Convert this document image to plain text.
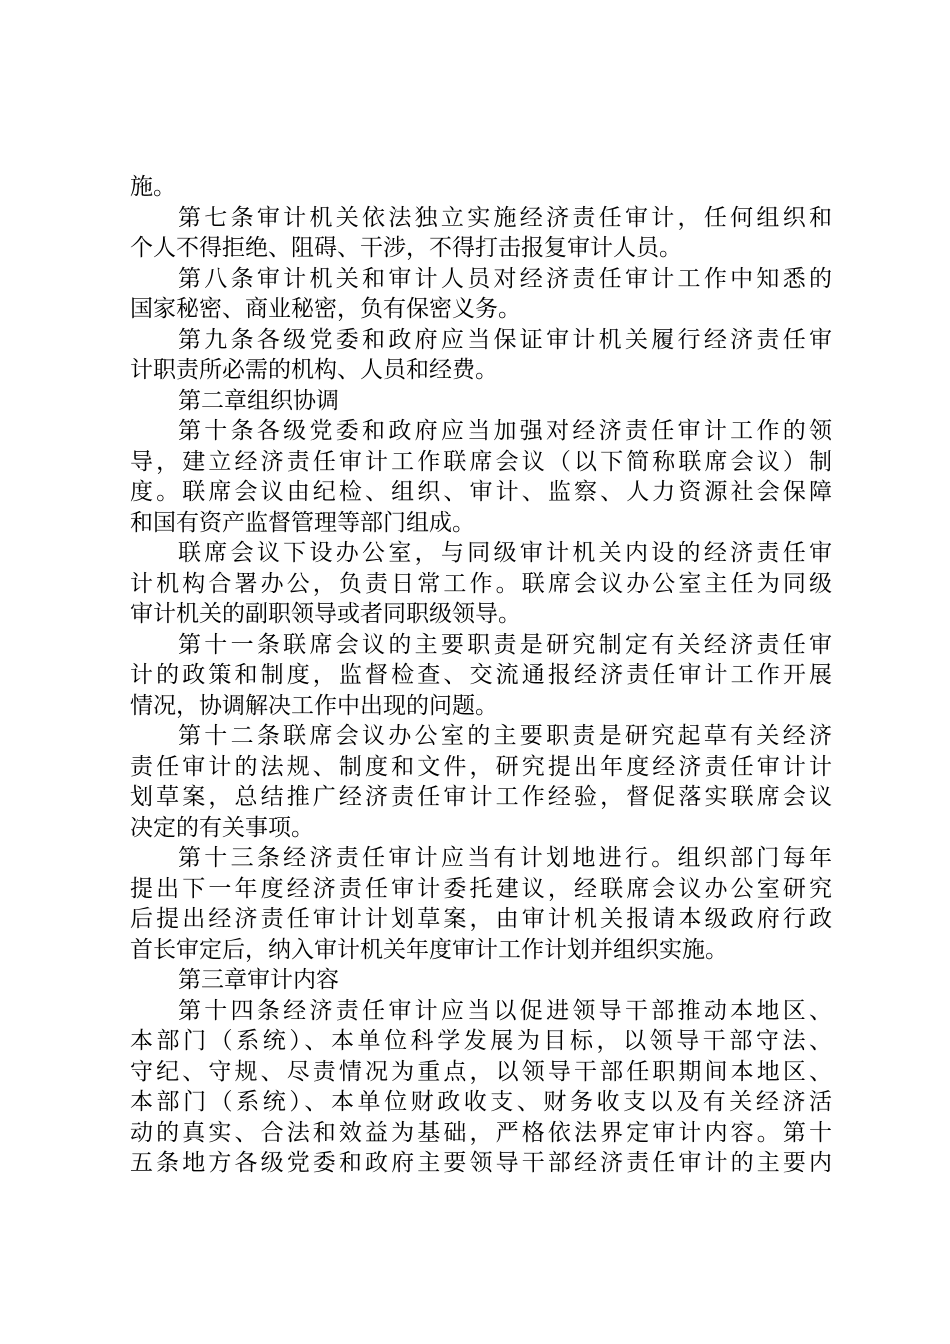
施。
第七条审计机关依法独立实施经济责任审计，任何组织和
个人不得拒绝、阻碍、干涉，不得打击报复审计人员。
第八条审计机关和审计人员对经济责任审计工作中知悉的
国家秘密、商业秘密，负有保密义务。
第九条各级党委和政府应当保证审计机关履行经济责任审
计职责所必需的机构、人员和经费。
第二章组织协调
第十条各级党委和政府应当加强对经济责任审计工作的领
导，建立经济责任审计工作联席会议（以下简称联席会议）制
度。联席会议由纪检、组织、审计、监察、人力资源社会保障
和国有资产监督管理等部门组成。
联席会议下设办公室，与同级审计机关内设的经济责任审
计机构合署办公，负责日常工作。联席会议办公室主任为同级
审计机关的副职领导或者同职级领导。
第十一条联席会议的主要职责是研究制定有关经济责任审
计的政策和制度，监督检查、交流通报经济责任审计工作开展
情况，协调解决工作中出现的问题。
第十二条联席会议办公室的主要职责是研究起草有关经济
责任审计的法规、制度和文件，研究提出年度经济责任审计计
划草案，总结推广经济责任审计工作经验，督促落实联席会议
决定的有关事项。
第十三条经济责任审计应当有计划地进行。组织部门每年
提出下一年度经济责任审计委托建议，经联席会议办公室研究
后提出经济责任审计计划草案，由审计机关报请本级政府行政
首长审定后，纳入审计机关年度审计工作计划并组织实施。
第三章审计内容
第十四条经济责任审计应当以促进领导干部推动本地区、
本部门（系统）、本单位科学发展为目标，以领导干部守法、
守纪、守规、尽责情况为重点，以领导干部任职期间本地区、
本部门（系统）、本单位财政收支、财务收支以及有关经济活
动的真实、合法和效益为基础，严格依法界定审计内容。第十
五条地方各级党委和政府主要领导干部经济责任审计的主要内
